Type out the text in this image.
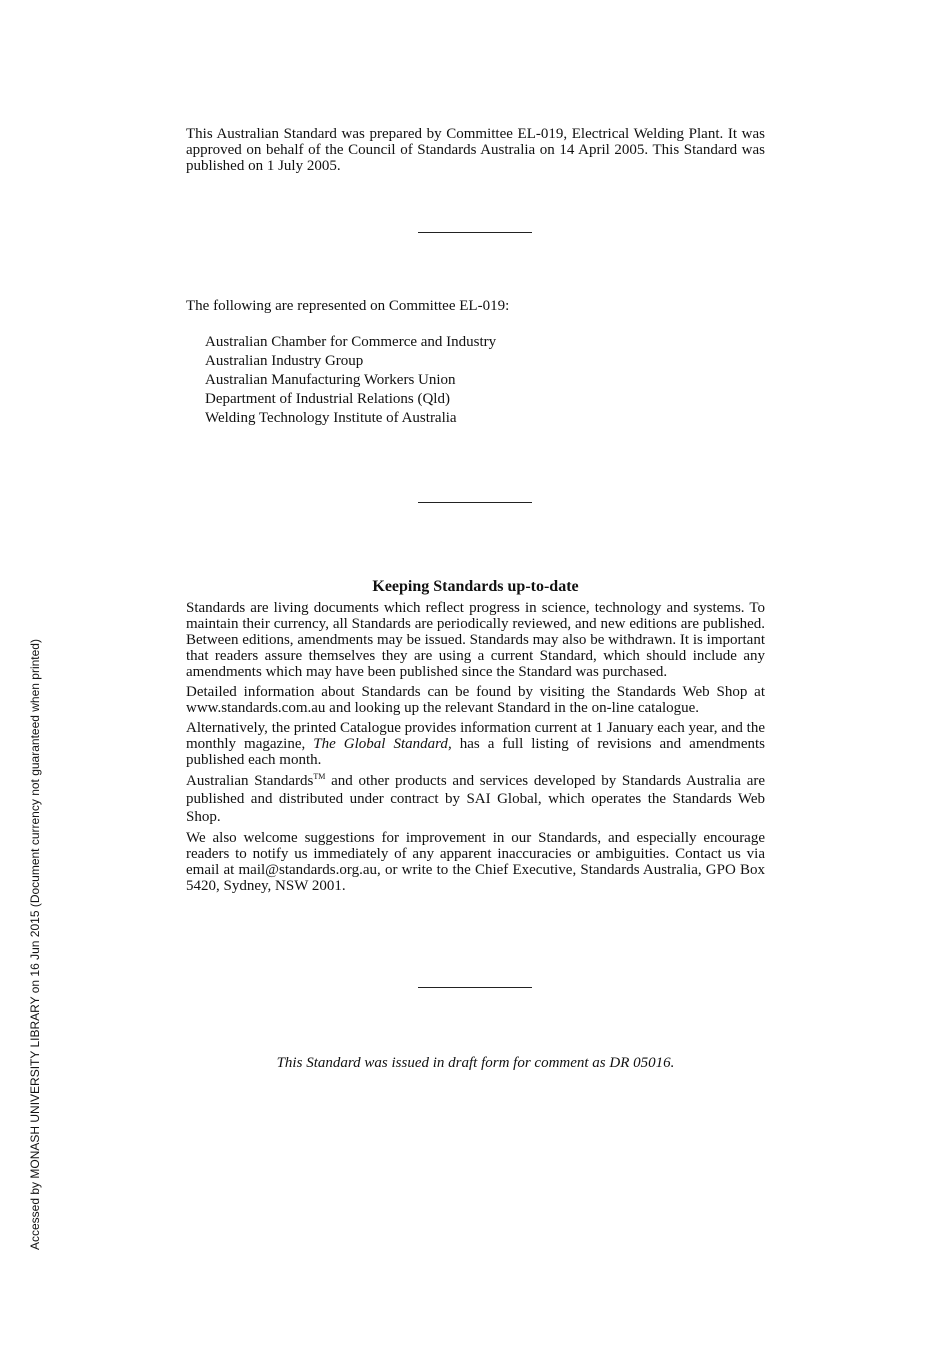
This Australian Standard was prepared by Committee EL-019, Electrical Welding Plant. It was approved on behalf of the Council of Standards Australia on 14 April 2005. This Standard was published on 1 July 2005.
The following are represented on Committee EL-019:
Australian Chamber for Commerce and Industry
Australian Industry Group
Australian Manufacturing Workers Union
Department of Industrial Relations (Qld)
Welding Technology Institute of Australia
Keeping Standards up-to-date

Standards are living documents which reflect progress in science, technology and systems. To maintain their currency, all Standards are periodically reviewed, and new editions are published. Between editions, amendments may be issued. Standards may also be withdrawn. It is important that readers assure themselves they are using a current Standard, which should include any amendments which may have been published since the Standard was purchased.

Detailed information about Standards can be found by visiting the Standards Web Shop at www.standards.com.au and looking up the relevant Standard in the on-line catalogue.

Alternatively, the printed Catalogue provides information current at 1 January each year, and the monthly magazine, The Global Standard, has a full listing of revisions and amendments published each month.

Australian Standards™ and other products and services developed by Standards Australia are published and distributed under contract by SAI Global, which operates the Standards Web Shop.

We also welcome suggestions for improvement in our Standards, and especially encourage readers to notify us immediately of any apparent inaccuracies or ambiguities. Contact us via email at mail@standards.org.au, or write to the Chief Executive, Standards Australia, GPO Box 5420, Sydney, NSW 2001.

This Standard was issued in draft form for comment as DR 05016.
Accessed by MONASH UNIVERSITY LIBRARY on 16 Jun 2015 (Document currency not guaranteed when printed)
